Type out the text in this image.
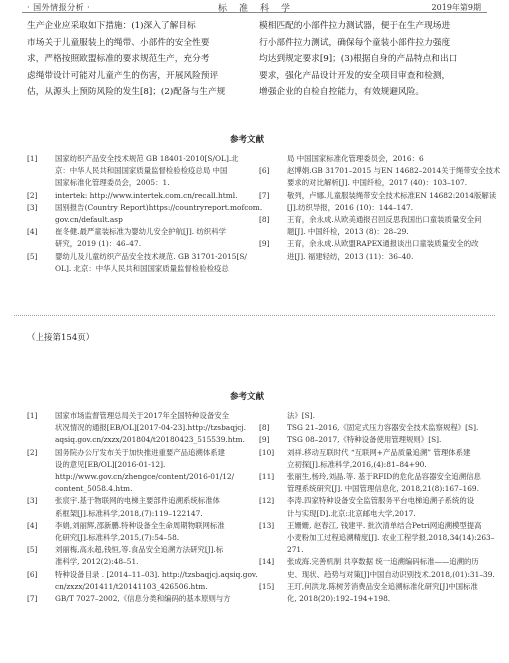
· 国外情报分析 ·	标准科学	2019年第9期
生产企业应采取如下措施：(1)深入了解目标
市场关于儿童服装上的绳带、小部件的安全性要
求，严格按照欧盟标准的要求规范生产，充分考
虑绳带设计可能对儿童产生的伤害，开展风险预评
估，从源头上预防风险的发生[8]；(2)配备与生产规
模相匹配的小部件拉力测试器，便于在生产现场进
行小部件拉力测试，确保每个童装小部件拉力强度
均达到规定要求[9]；(3)根据自身的产品特点和出口
要求，强化产品设计开发的安全项目审查和检测，
增强企业的自检自控能力，有效规避风险。
参考文献
[1] 国家纺织产品安全技术规范 GB 18401-2010[S/OL].北
京：中华人民共和国国家质量监督检验检疫总局 中国
国家标准化管理委员会，2005：1.
[2] intertek: http://www.intertek.com.cn/recall.html.
[3] 国别报告(Country Report)https://countryreport.mofcom.
gov.cn/default.asp
[4] 崔冬健.最严童装标准为婴幼儿安全护航[J]. 纺织科学
研究，2019 (1)：46–47.
[5] 婴幼儿及儿童纺织产品安全技术规范. GB 31701-2015[S/
OL]. 北京：中华人民共和国国家质量监督检验检疫总
局 中国国家标准化管理委员会，2016：6
[6] 赵博娟.GB 31701–2015 与EN 14682–2014关于绳带安全技术
要求的对比解析[J]. 中国纤检，2017 (40)：103–107.
[7] 敬列，卢娜.儿童服装绳带安全技术标准EN 14682:2014版解读
[J].纺织导报，2016 (10)：144–147.
[8] 王育，余永成.从欧美通报召回反思我国出口童装质量安全问
题[J]. 中国纤检，2013 (8)：28–29.
[9] 王育，余永成.从欧盟RAPEX通报谈出口童装质量安全的改
进[J]. 福建轻纺，2013 (11)：36–40.
（上接第154页）
参考文献
[1] 国家市场监督管理总局关于2017年全国特种设备安全
状况情况的通报[EB/OL][2017-04-23].http://tzsbaqjcj.
aqsiq.gov.cn/zxzx/201804/t20180423_515539.htm.
[2] 国务院办公厅发布关于加快推进重要产品追溯体系建
设的意见[EB/OL][2016-01-12].
http://www.gov.cn/zhengce/content/2016-01/12/
content_5058.4.htm.
[3] 张宸宇.基于物联网的电梯主要部件追溯系统标准体
系框架[J].标准科学,2018,(7):119–122147.
[4] 李娟,刘丽辉,邵新鹏.特种设备全生命周期物联网标准
化研究[J].标准科学,2015,(7):54–58.
[5] 刘丽梅,高永超,钱恒,等.食品安全追溯方法研究[J].标
准科学, 2012(2):48–51.
[6] 特种设备目录 . [2014–11–03]. http://tzsbaqjcj.aqsiq.gov.
cn/zxzx/201411/t20141103_426506.htm.
[7] GB/T 7027–2002,《信息分类和编码的基本原则与方
法》[S].
[8] TSG 21–2016,《固定式压力容器安全技术监察规程》[S].
[9] TSG 08–2017,《特种设备使用管理规则》[S].
[10] 刘祥.移动互联时代 “互联网+产品质量追溯” 管理体系建
立初探[J].标准科学,2016,(4):81–84+90.
[11] 张丽生,杨玲,刘晶.等. 基于RFID的危化品容器安全追溯信息
管理系统研究[J]. 中国管理信息化, 2018,21(8):167–169.
[12] 李涛.四家特种设备安全监管服务平台电梯追溯子系统的设
计与实现[D].北京:北京邮电大学,2017.
[13] 王姗姗, 赵春江, 钱建平. 批次清单结合Petri网追溯模型提高
小麦粉加工过程追溯精度[J]. 农业工程学报,2018,34(14):263–
271.
[14] 张成海.完善机制 共享数据 统一追溯编码标准——追溯的历
史、现状、趋势与对策[J]中国自动识别技术.2018,(01):31–39.
[15] 王玎,何洪龙.陈树芳消费品安全追溯标准化研究[J]中国标准
化, 2018(20):192–194+198.
